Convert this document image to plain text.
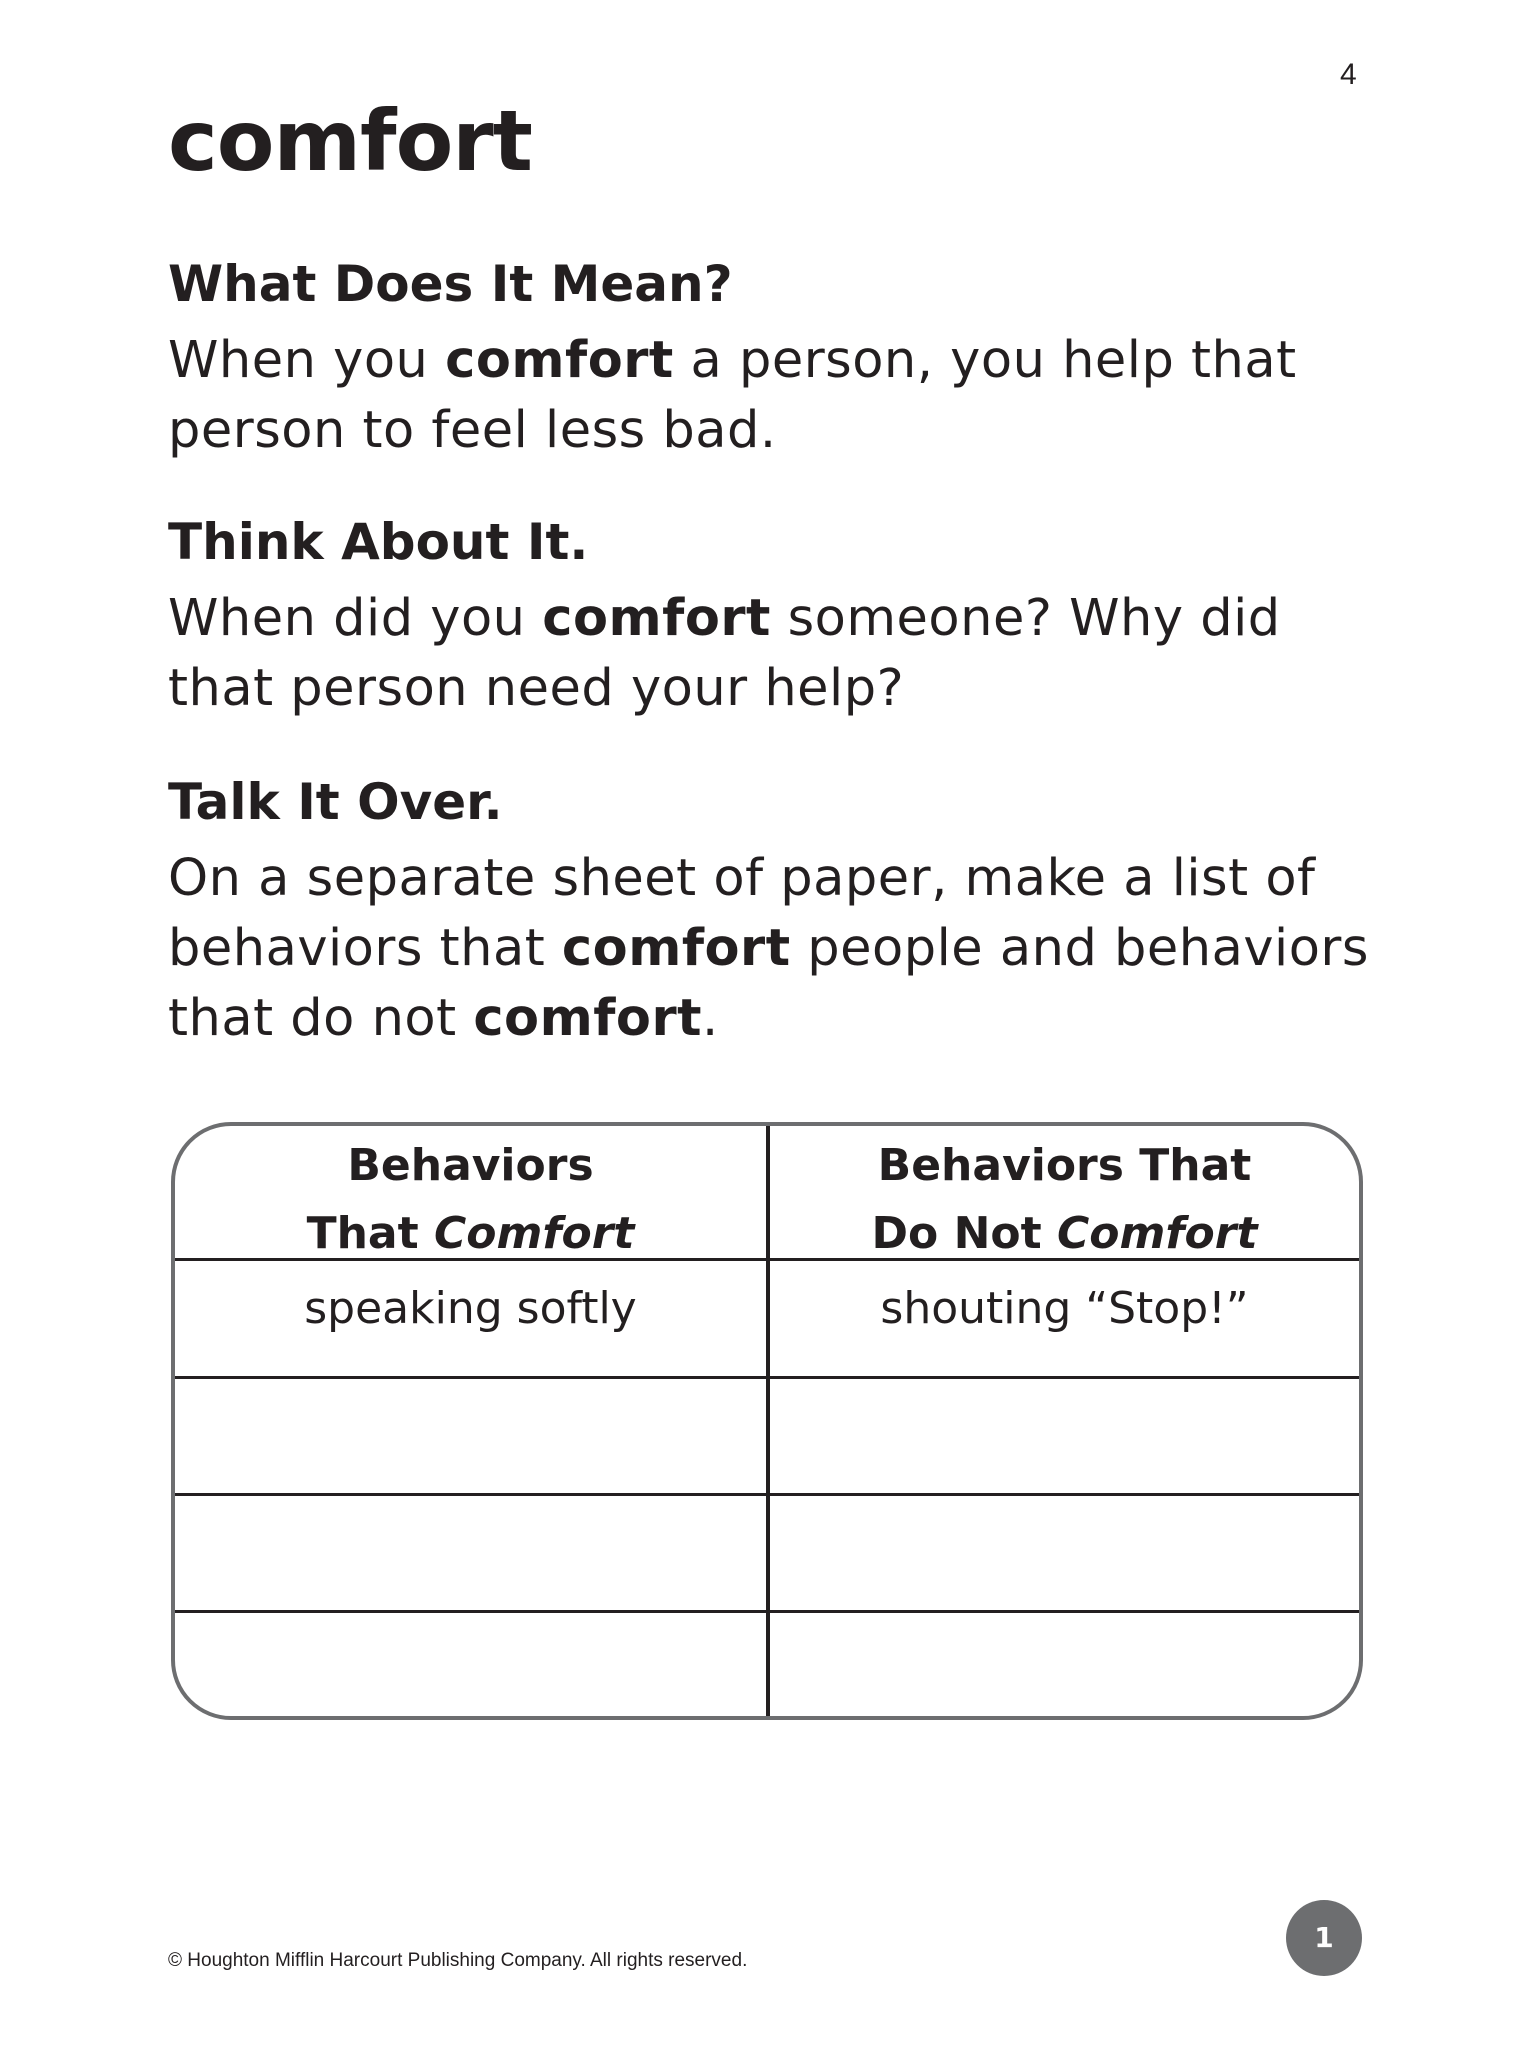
4
comfort
What Does It Mean?

When you comfort a person, you help that person to feel less bad.

Think About It.

When did you comfort someone? Why did that person need your help?

Talk It Over.

On a separate sheet of paper, make a list of behaviors that comfort people and behaviors that do not comfort.

Behaviors
That Comfort
Behaviors That
Do Not Comfort
speaking softly	shouting “Stop!”
1
© Houghton Mifflin Harcourt Publishing Company. All rights reserved.
